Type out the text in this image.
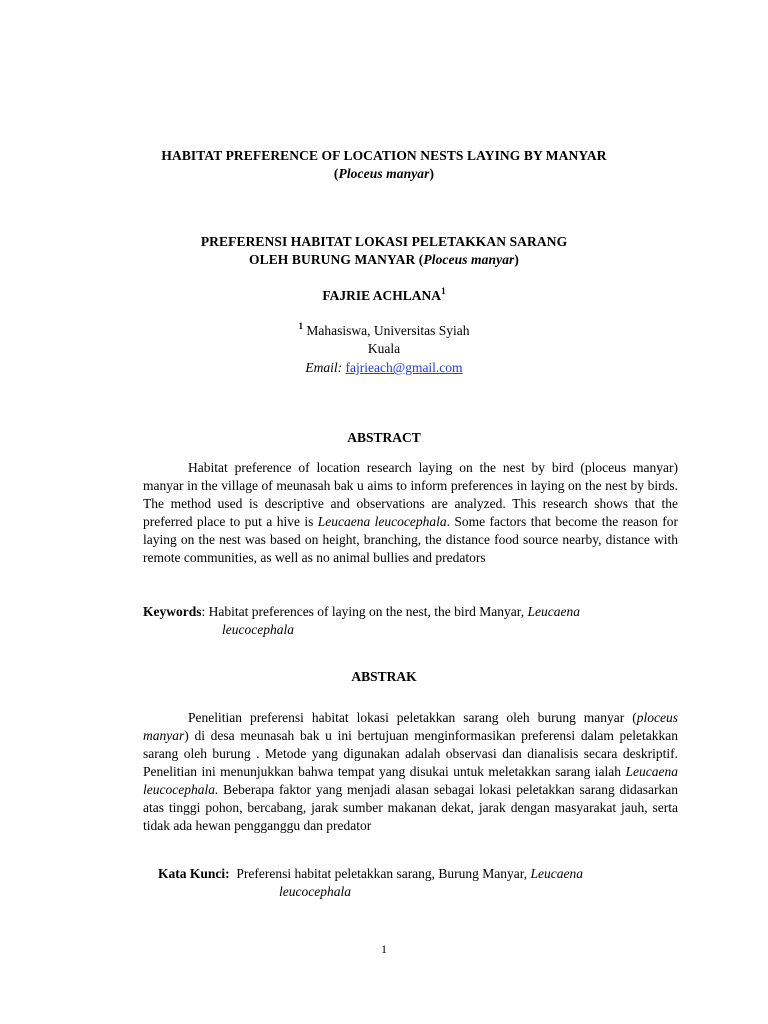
HABITAT PREFERENCE OF LOCATION NESTS LAYING BY MANYAR
(Ploceus manyar)
PREFERENSI HABITAT LOKASI PELETAKKAN SARANG
OLEH BURUNG MANYAR (Ploceus manyar)
FAJRIE ACHLANA$^1$
$^1$ Mahasiswa, Universitas Syiah
Kuala
Email: fajrieach@gmail.com
ABSTRACT
Habitat preference of location research laying on the nest by bird (ploceus manyar) manyar in the village of meunasah bak u aims to inform preferences in laying on the nest by birds. The method used is descriptive and observations are analyzed. This research shows that the preferred place to put a hive is Leucaena leucocephala. Some factors that become the reason for laying on the nest was based on height, branching, the distance food source nearby, distance with remote communities, as well as no animal bullies and predators
Keywords: Habitat preferences of laying on the nest, the bird Manyar, Leucaena
leucocephala
ABSTRAK
Penelitian preferensi habitat lokasi peletakkan sarang oleh burung manyar (ploceus manyar) di desa meunasah bak u ini bertujuan menginformasikan preferensi dalam peletakkan sarang oleh burung . Metode yang digunakan adalah observasi dan dianalisis secara deskriptif. Penelitian ini menunjukkan bahwa tempat yang disukai untuk meletakkan sarang ialah Leucaena leucocephala. Beberapa faktor yang menjadi alasan sebagai lokasi peletakkan sarang didasarkan atas tinggi pohon, bercabang, jarak sumber makanan dekat, jarak dengan masyarakat jauh, serta tidak ada hewan pengganggu dan predator
Kata Kunci: Preferensi habitat peletakkan sarang, Burung Manyar, Leucaena
leucocephala
1
